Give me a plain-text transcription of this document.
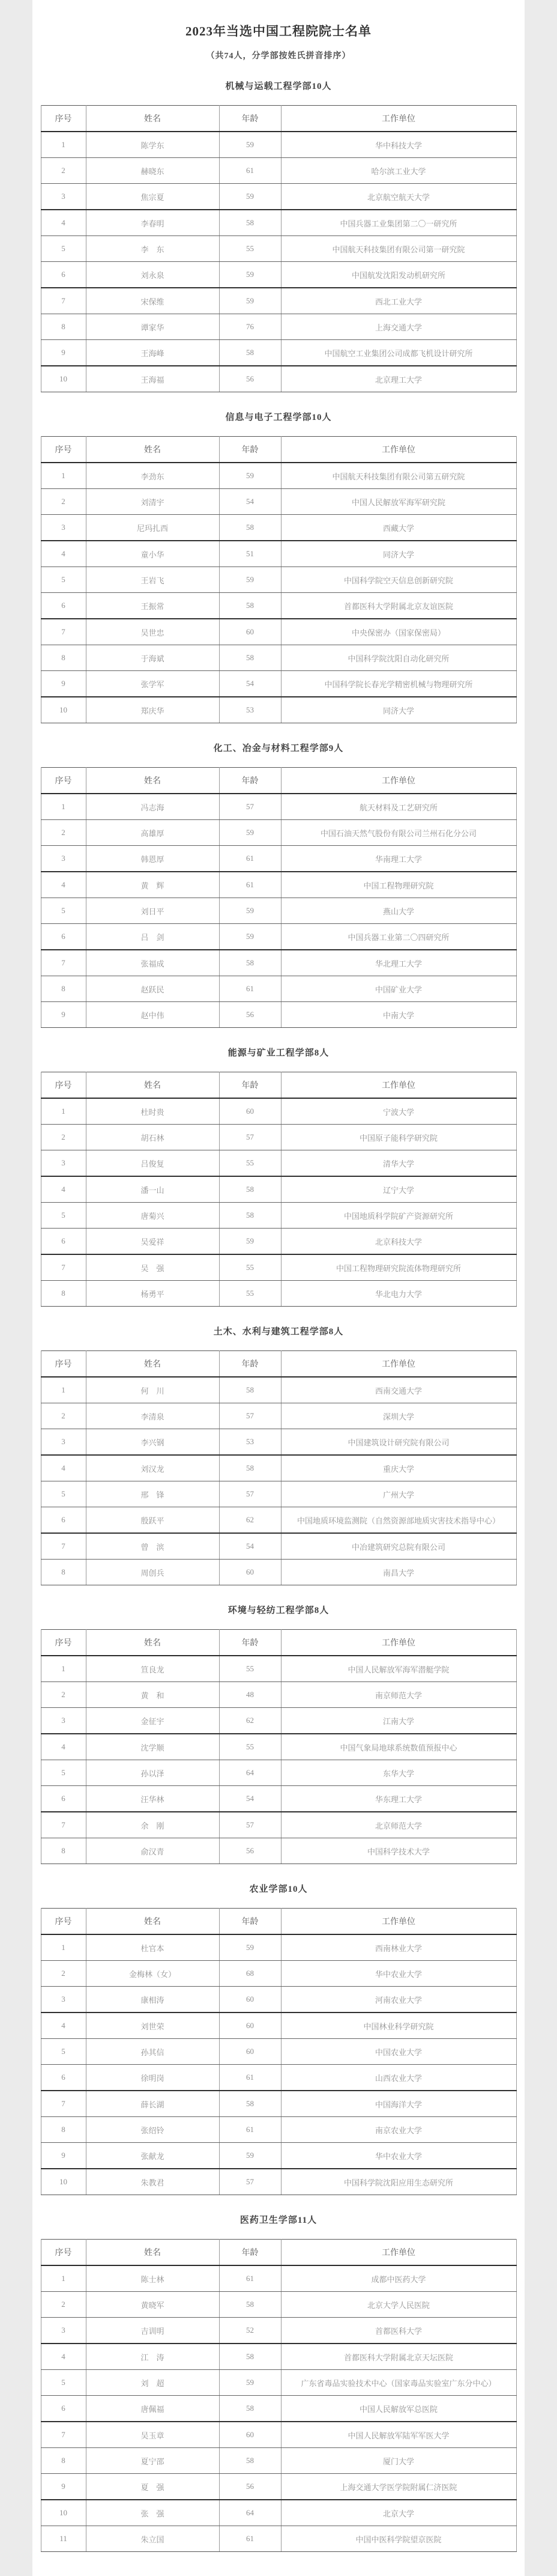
2023年当选中国工程院院士名单
（共74人，分学部按姓氏拼音排序）
机械与运载工程学部10人
序号	姓名	年龄	工作单位
1	陈学东	59	华中科技大学
2	赫晓东	61	哈尔滨工业大学
3	焦宗夏	59	北京航空航天大学
4	李春明	58	中国兵器工业集团第二〇一研究所
5	李　东	55	中国航天科技集团有限公司第一研究院
6	刘永泉	59	中国航发沈阳发动机研究所
7	宋保维	59	西北工业大学
8	谭家华	76	上海交通大学
9	王海峰	58	中国航空工业集团公司成都飞机设计研究所
10	王海福	56	北京理工大学
信息与电子工程学部10人
序号	姓名	年龄	工作单位
1	李劲东	59	中国航天科技集团有限公司第五研究院
2	刘清宇	54	中国人民解放军海军研究院
3	尼玛扎西	58	西藏大学
4	童小华	51	同济大学
5	王岩飞	59	中国科学院空天信息创新研究院
6	王振常	58	首都医科大学附属北京友谊医院
7	吴世忠	60	中央保密办（国家保密局）
8	于海斌	58	中国科学院沈阳自动化研究所
9	张学军	54	中国科学院长春光学精密机械与物理研究所
10	郑庆华	53	同济大学
化工、冶金与材料工程学部9人
序号	姓名	年龄	工作单位
1	冯志海	57	航天材料及工艺研究所
2	高雄厚	59	中国石油天然气股份有限公司兰州石化分公司
3	韩恩厚	61	华南理工大学
4	黄　辉	61	中国工程物理研究院
5	刘日平	59	燕山大学
6	吕　剑	59	中国兵器工业第二〇四研究所
7	张福成	58	华北理工大学
8	赵跃民	61	中国矿业大学
9	赵中伟	56	中南大学
能源与矿业工程学部8人
序号	姓名	年龄	工作单位
1	杜时贵	60	宁波大学
2	胡石林	57	中国原子能科学研究院
3	吕俊复	55	清华大学
4	潘一山	58	辽宁大学
5	唐菊兴	58	中国地质科学院矿产资源研究所
6	吴爱祥	59	北京科技大学
7	吴　强	55	中国工程物理研究院流体物理研究所
8	杨勇平	55	华北电力大学
土木、水利与建筑工程学部8人
序号	姓名	年龄	工作单位
1	何　川	58	西南交通大学
2	李清泉	57	深圳大学
3	李兴钢	53	中国建筑设计研究院有限公司
4	刘汉龙	58	重庆大学
5	邢　锋	57	广州大学
6	殷跃平	62	中国地质环境监测院（自然资源部地质灾害技术指导中心）
7	曾　滨	54	中冶建筑研究总院有限公司
8	周创兵	60	南昌大学
环境与轻纺工程学部8人
序号	姓名	年龄	工作单位
1	笪良龙	55	中国人民解放军海军潜艇学院
2	黄　和	48	南京师范大学
3	金征宇	62	江南大学
4	沈学顺	55	中国气象局地球系统数值预报中心
5	孙以泽	64	东华大学
6	汪华林	54	华东理工大学
7	余　刚	57	北京师范大学
8	俞汉青	56	中国科学技术大学
农业学部10人
序号	姓名	年龄	工作单位
1	杜官本	59	西南林业大学
2	金梅林（女）	68	华中农业大学
3	康相涛	60	河南农业大学
4	刘世荣	60	中国林业科学研究院
5	孙其信	60	中国农业大学
6	徐明岗	61	山西农业大学
7	薛长湖	58	中国海洋大学
8	张绍铃	61	南京农业大学
9	张献龙	59	华中农业大学
10	朱教君	57	中国科学院沈阳应用生态研究所
医药卫生学部11人
序号	姓名	年龄	工作单位
1	陈士林	61	成都中医药大学
2	黄晓军	58	北京大学人民医院
3	吉训明	52	首都医科大学
4	江　涛	58	首都医科大学附属北京天坛医院
5	刘　超	59	广东省毒品实验技术中心（国家毒品实验室广东分中心）
6	唐佩福	58	中国人民解放军总医院
7	吴玉章	60	中国人民解放军陆军军医大学
8	夏宁邵	58	厦门大学
9	夏　强	56	上海交通大学医学院附属仁济医院
10	张　强	64	北京大学
11	朱立国	61	中国中医科学院望京医院
